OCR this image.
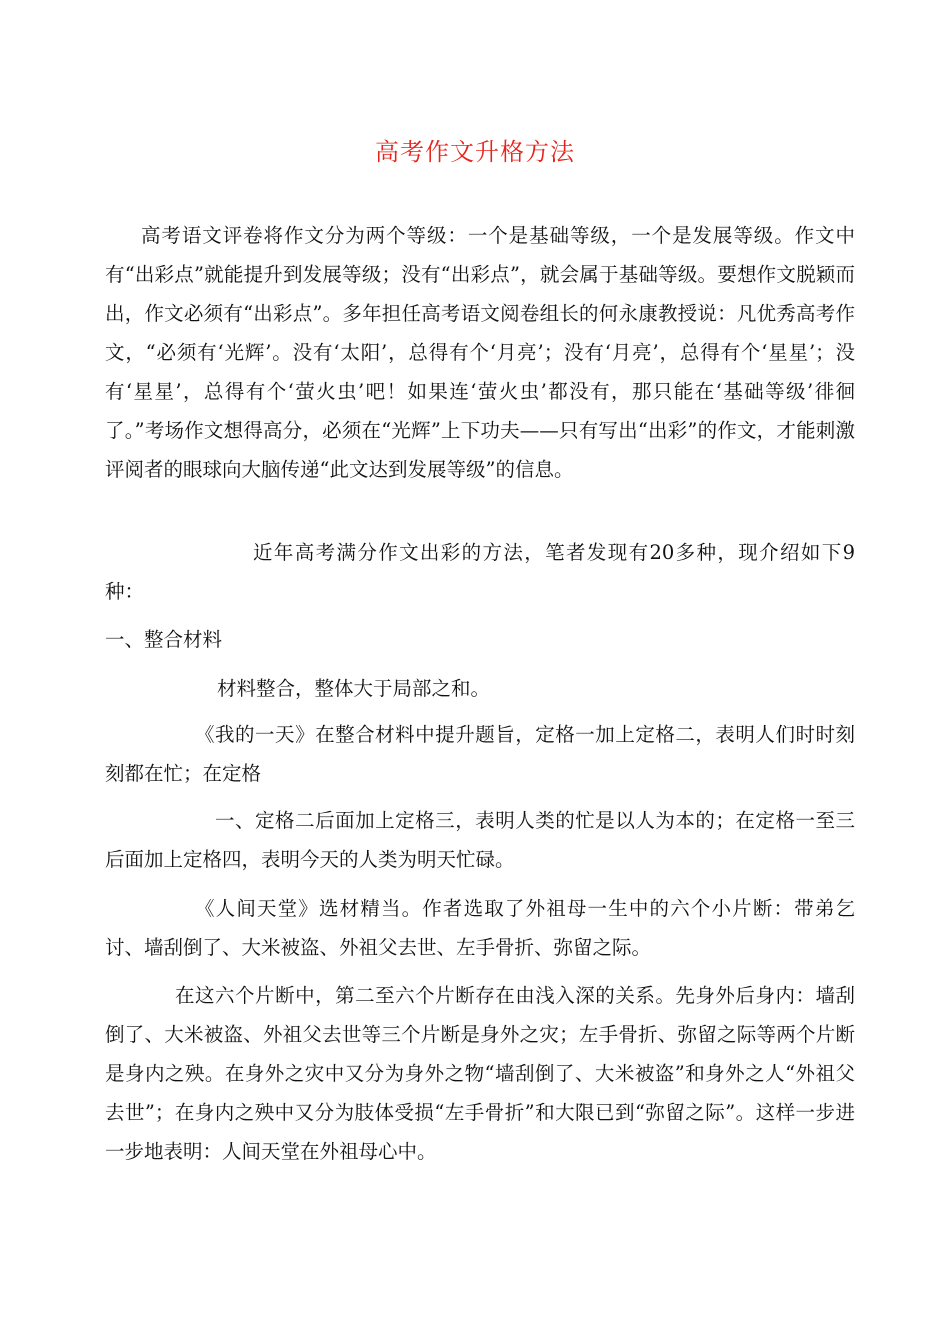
高考作文升格方法

高考语文评卷将作文分为两个等级：一个是基础等级，一个是发展等级。作文中有“出彩点”就能提升到发展等级；没有“出彩点”，就会属于基础等级。要想作文脱颖而出，作文必须有“出彩点”。多年担任高考语文阅卷组长的何永康教授说：凡优秀高考作文，“必须有‘光辉’。没有‘太阳’，总得有个‘月亮’；没有‘月亮’，总得有个‘星星’；没有‘星星’，总得有个‘萤火虫’吧！如果连‘萤火虫’都没有，那只能在‘基础等级’徘徊了。”考场作文想得高分，必须在“光辉”上下功夫——只有写出“出彩”的作文，才能刺激评阅者的眼球向大脑传递“此文达到发展等级”的信息。

近年高考满分作文出彩的方法，笔者发现有20多种，现介绍如下9种：

一、整合材料

材料整合，整体大于局部之和。

《我的一天》在整合材料中提升题旨，定格一加上定格二，表明人们时时刻刻都在忙；在定格

一、定格二后面加上定格三，表明人类的忙是以人为本的；在定格一至三后面加上定格四，表明今天的人类为明天忙碌。

《人间天堂》选材精当。作者选取了外祖母一生中的六个小片断：带弟乞讨、墙刮倒了、大米被盗、外祖父去世、左手骨折、弥留之际。

在这六个片断中，第二至六个片断存在由浅入深的关系。先身外后身内：墙刮倒了、大米被盗、外祖父去世等三个片断是身外之灾；左手骨折、弥留之际等两个片断是身内之殃。在身外之灾中又分为身外之物“墙刮倒了、大米被盗”和身外之人“外祖父去世”；在身内之殃中又分为肢体受损“左手骨折”和大限已到“弥留之际”。这样一步进一步地表明：人间天堂在外祖母心中。
